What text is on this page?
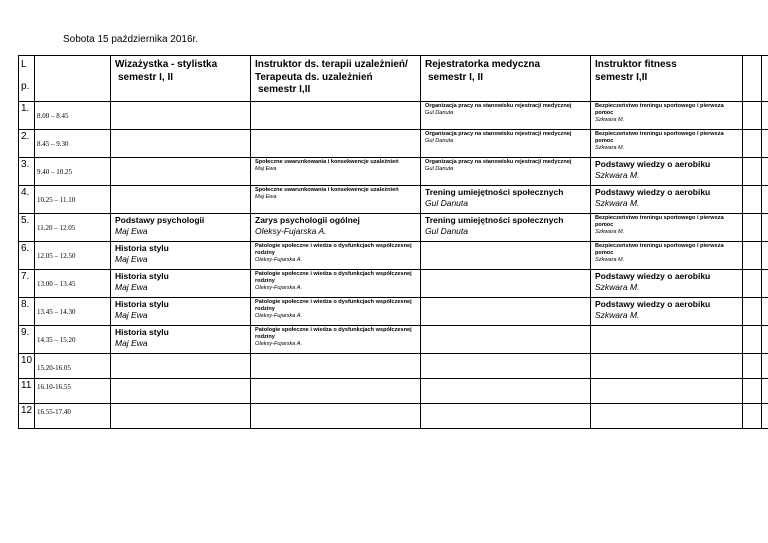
Sobota 15 października 2016r.
L

p.		Wizażystka - stylistka
semestr I, II	Instruktor ds. terapii uzależnień/
Terapeuta ds. uzależnień
semestr I,II	Rejestratorka medyczna
semestr I, II	Instruktor fitness
semestr I,II		
1.	8.00 – 8.45			Organizacja pracy na stanowisku rejestracji medycznej
Gul Danuta	Bezpieczeństwo treningu sportowego i pierwsza pomoc
Szkwara M.		

2.	8.45 – 9.30			Organizacja pracy na stanowisku rejestracji medycznej
Gul Danuta	Bezpieczeństwo treningu sportowego i pierwsza pomoc
Szkwara M.		

3.	9.40 – 10.25		Społeczne uwarunkowania i konsekwencje uzależnień
Maj Ewa	Organizacja pracy na stanowisku rejestracji medycznej
Gul Danuta	Podstawy wiedzy o aerobiku
Szkwara M.		

4.	10.25 – 11.10		Społeczne uwarunkowania i konsekwencje uzależnień
Maj Ewa	Trening umiejętności społecznych
Gul Danuta	Podstawy wiedzy o aerobiku
Szkwara M.		

5.	11.20 – 12.05	Podstawy psychologii
Maj Ewa	Zarys psychologii ogólnej
Oleksy-Fujarska A.	Trening umiejętności społecznych
Gul Danuta	Bezpieczeństwo treningu sportowego i pierwsza pomoc
Szkwara M.		

6.	12.05 – 12.50	Historia stylu
Maj Ewa	Patologie społeczne i wiedza o dysfunkcjach współczesnej rodziny
Oleksy-Fujarska A.		Bezpieczeństwo treningu sportowego i pierwsza pomoc
Szkwara M.		

7.	13.00 – 13.45	Historia stylu
Maj Ewa	Patologie społeczne i wiedza o dysfunkcjach współczesnej rodziny
Oleksy-Fujarska A.		Podstawy wiedzy o aerobiku
Szkwara M.		

8.	13.45 – 14.30	Historia stylu
Maj Ewa	Patologie społeczne i wiedza o dysfunkcjach współczesnej rodziny
Oleksy-Fujarska A.		Podstawy wiedzy o aerobiku
Szkwara M.		

9.	14.35 – 15.20	Historia stylu
Maj Ewa	Patologie społeczne i wiedza o dysfunkcjach współczesnej rodziny
Oleksy-Fujarska A.				

10	15.20-16.05						

11	16.10-16.55						

12	16.55-17.40						
